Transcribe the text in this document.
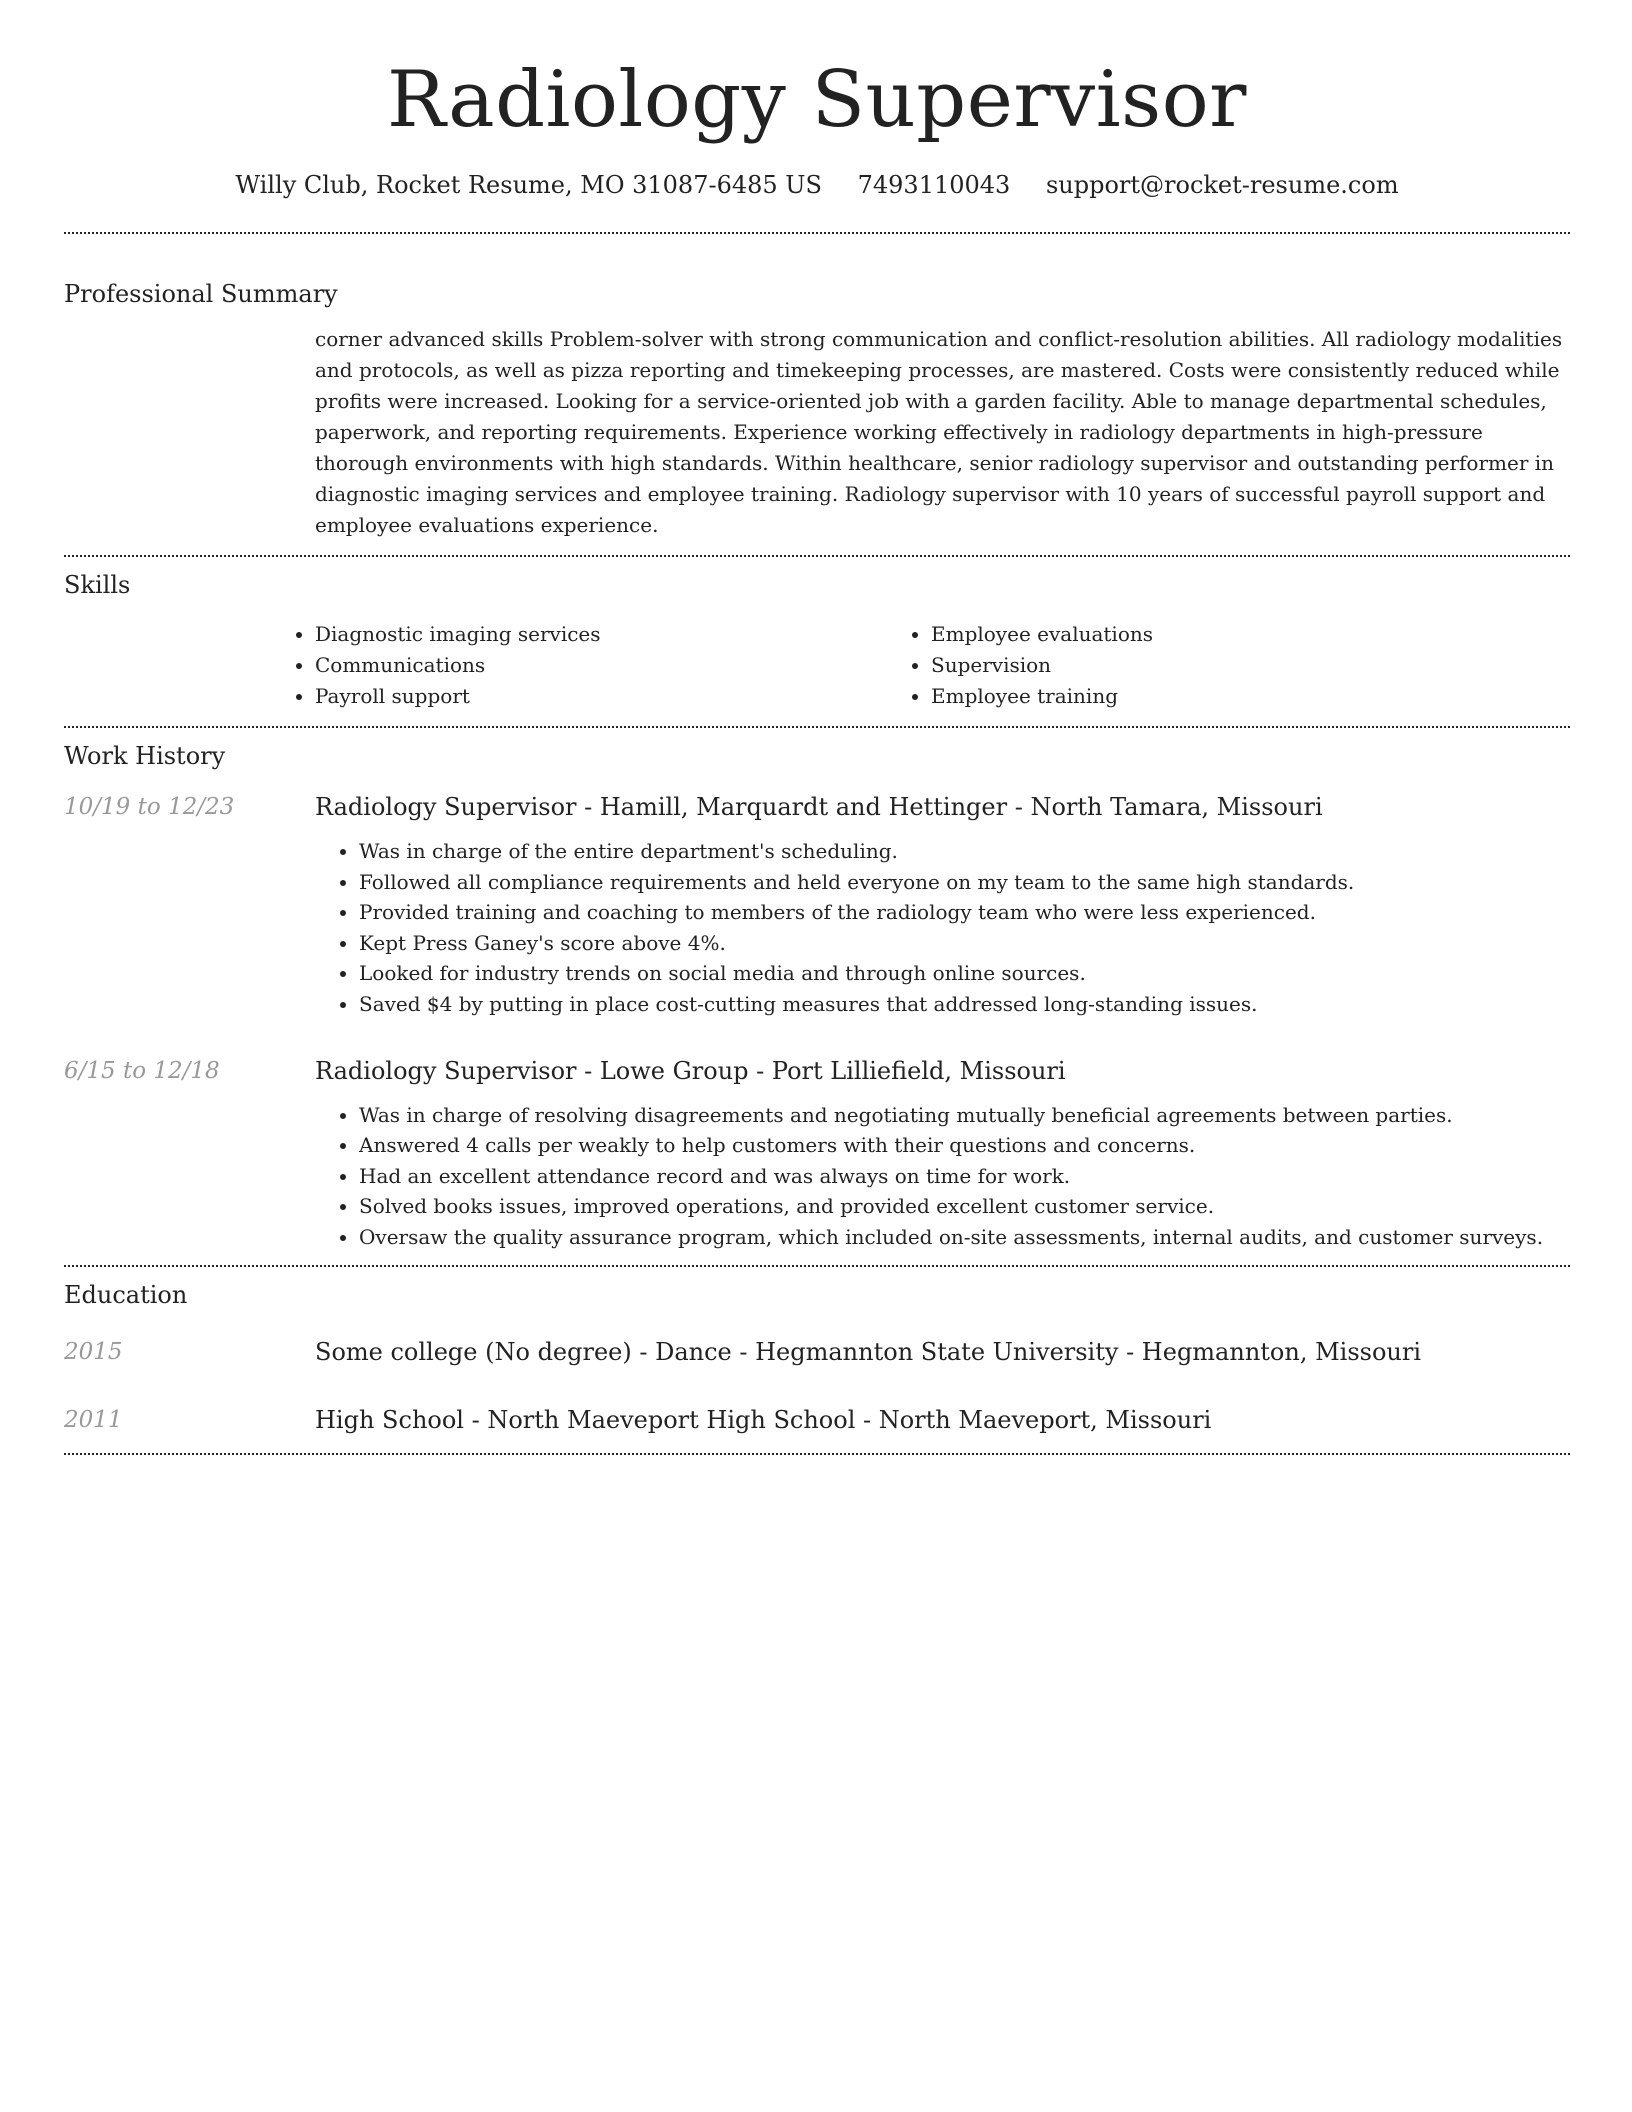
Radiology Supervisor
Willy Club, Rocket Resume, MO 31087-6485 US 7493110043 support@rocket-resume.com
Professional Summary
corner advanced skills Problem-solver with strong communication and conflict-resolution abilities. All radiology modalities and protocols, as well as pizza reporting and timekeeping processes, are mastered. Costs were consistently reduced while profits were increased. Looking for a service-oriented job with a garden facility. Able to manage departmental schedules, paperwork, and reporting requirements. Experience working effectively in radiology departments in high-pressure thorough environments with high standards. Within healthcare, senior radiology supervisor and outstanding performer in diagnostic imaging services and employee training. Radiology supervisor with 10 years of successful payroll support and employee evaluations experience.
Skills
• Diagnostic imaging services
• Communications
• Payroll support
• Employee evaluations
• Supervision
• Employee training
Work History
10/19 to 12/23	Radiology Supervisor - Hamill, Marquardt and Hettinger - North Tamara, Missouri
• Was in charge of the entire department's scheduling.
• Followed all compliance requirements and held everyone on my team to the same high standards.
• Provided training and coaching to members of the radiology team who were less experienced.
• Kept Press Ganey's score above 4%.
• Looked for industry trends on social media and through online sources.
• Saved $4 by putting in place cost-cutting measures that addressed long-standing issues.
6/15 to 12/18	Radiology Supervisor - Lowe Group - Port Lilliefield, Missouri
• Was in charge of resolving disagreements and negotiating mutually beneficial agreements between parties.
• Answered 4 calls per weakly to help customers with their questions and concerns.
• Had an excellent attendance record and was always on time for work.
• Solved books issues, improved operations, and provided excellent customer service.
• Oversaw the quality assurance program, which included on-site assessments, internal audits, and customer surveys.
Education
2015	Some college (No degree) - Dance - Hegmannton State University - Hegmannton, Missouri
2011	High School - North Maeveport High School - North Maeveport, Missouri
